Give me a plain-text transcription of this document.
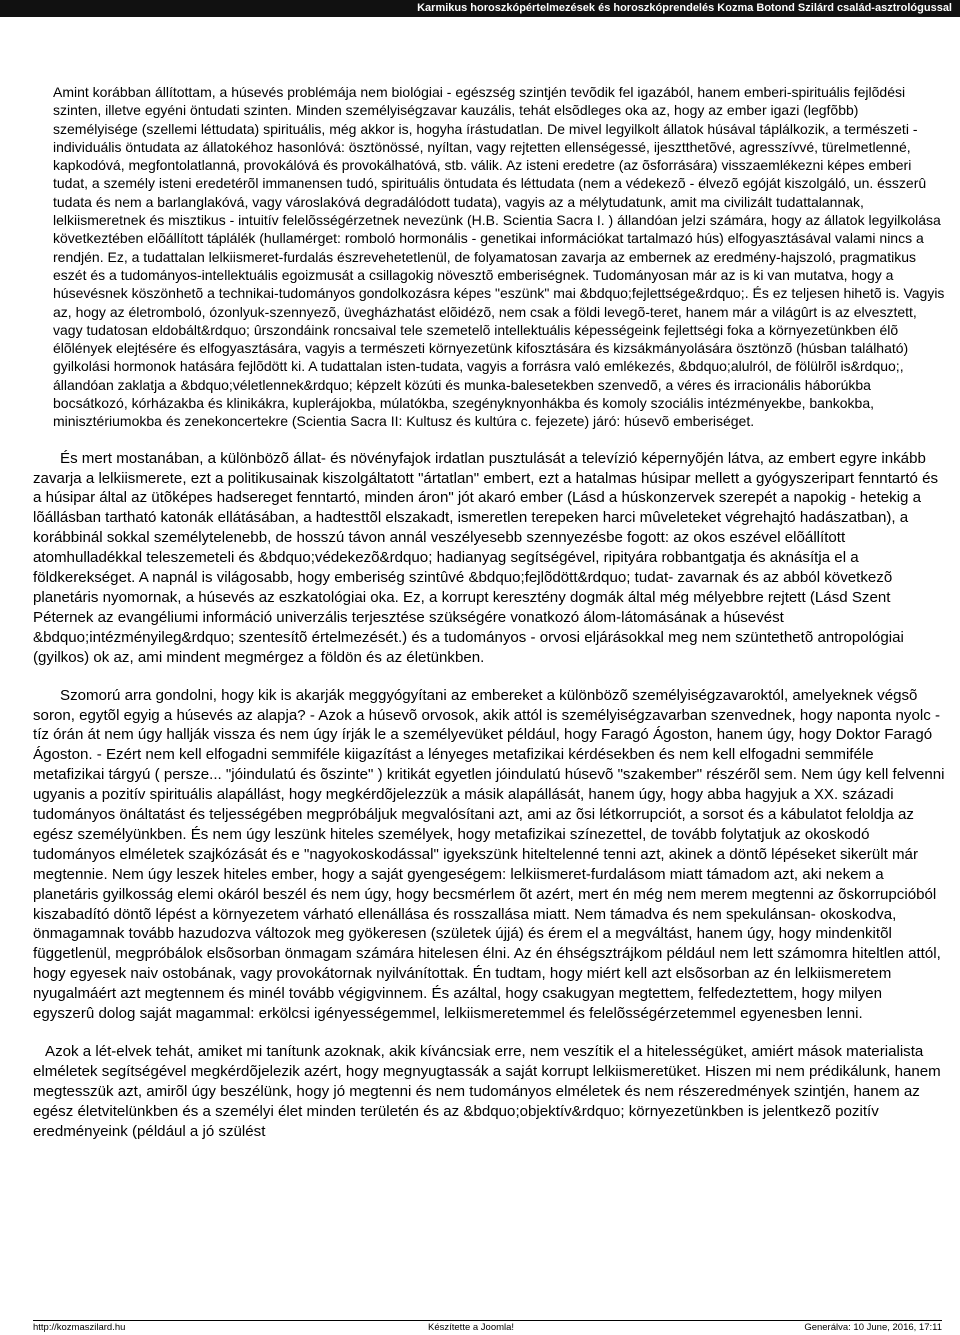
Karmikus horoszkópértelmezések és horoszkóprendelés Kozma Botond Szilárd család-asztrológussal

Amint korábban állítottam, a húsevés problémája nem biológiai - egészség szintjén tevõdik fel igazából, hanem emberi-spirituális fejlõdési szinten, illetve egyéni öntudati szinten. Minden személyiségzavar kauzális, tehát elsõdleges oka az, hogy az ember igazi (legfõbb) személyisége (szellemi léttudata) spirituális, még akkor is, hogyha írástudatlan. De mivel legyilkolt állatok húsával táplálkozik, a természeti - individuális öntudata az állatokéhoz hasonlóvá: ösztönössé, nyíltan, vagy rejtetten ellenségessé, ijesztthetõvé, agresszívvé, türelmetlenné, kapkodóvá, megfontolatlanná, provokálóvá és provokálhatóvá, stb. válik. Az isteni eredetre (az õsforrására) visszaemlékezni képes emberi tudat, a személy isteni eredetérõl immanensen tudó, spirituális öntudata és léttudata (nem a védekezõ - élvezõ egóját kiszolgáló, un. ésszerû tudata és nem a barlanglakóvá, vagy városlakóvá degradálódott tudata), vagyis az a mélytudatunk, amit ma civilizált tudattalannak, lelkiismeretnek és misztikus - intuitív felelõsségérzetnek nevezünk (H.B. Scientia Sacra I. ) állandóan jelzi számára, hogy az állatok legyilkolása következtében elõállított táplálék (hullamérget: romboló hormonális - genetikai információkat tartalmazó hús) elfogyasztásával valami nincs a rendjén. Ez, a tudattalan lelkiismeret-furdalás észrevehetetlenül, de folyamatosan zavarja az embernek az eredmény-hajszoló, pragmatikus eszét és a tudományos-intellektuális egoizmusát a csillagokig növesztõ emberiségnek. Tudományosan már az is ki van mutatva, hogy a húsevésnek köszönhetõ a technikai-tudományos gondolkozásra képes "eszünk" mai &bdquo;fejlettsége&rdquo;. És ez teljesen hihetõ is. Vagyis az, hogy az életromboló, ózonlyuk-szennyezõ, üvegházhatást elõidézõ, nem csak a földi levegõ-teret, hanem már a világûrt is az elvesztett, vagy tudatosan eldobált&rdquo; ûrszondáink roncsaival tele szemetelõ intellektuális képességeink fejlettségi foka a környezetünkben élõ élõlények elejtésére és elfogyasztására, vagyis a természeti környezetünk kifosztására és kizsákmányolására ösztönzõ (húsban található) gyilkolási hormonok hatására fejlõdött ki. A tudattalan isten-tudata, vagyis a forrásra való emlékezés, &bdquo;alulról, de fölülrõl is&rdquo;, állandóan zaklatja a &bdquo;véletlennek&rdquo; képzelt közúti és munka-balesetekben szenvedõ, a véres és irracionális háborúkba bocsátkozó, kórházakba és klinikákra, kuplerájokba, múlatókba, szegényknyonhákba és komoly szociális intézményekbe, bankokba, minisztériumokba és zenekoncertekre (Scientia Sacra II: Kultusz és kultúra c. fejezete) járó: húsevõ emberiséget.

És mert mostanában, a különbözõ állat- és növényfajok irdatlan pusztulását a televízió képernyõjén látva, az embert egyre inkább zavarja a lelkiismerete, ezt a politikusainak kiszolgáltatott "ártatlan" embert, ezt a hatalmas húsipar mellett a gyógyszeripart fenntartó és a húsipar által az ütõképes hadsereget fenntartó, minden áron" jót akaró ember (Lásd a húskonzervek szerepét a napokig - hetekig a lõállásban tartható katonák ellátásában, a hadtesttõl elszakadt, ismeretlen terepeken harci mûveleteket végrehajtó hadászatban), a korábbinál sokkal személytelenebb, de hosszú távon annál veszélyesebb szennyezésbe fogott: az okos eszével elõállított atomhulladékkal teleszemeteli és &bdquo;védekezõ&rdquo; hadianyag segítségével, ripityára robbantgatja és aknásítja el a földkerekséget. A napnál is világosabb, hogy emberiség szintûvé &bdquo;fejlõdött&rdquo; tudat- zavarnak és az abból következõ planetáris nyomornak, a húsevés az eszkatológiai oka. Ez, a korrupt keresztény dogmák által még mélyebbre rejtett (Lásd Szent Péternek az evangéliumi információ univerzális terjesztése szükségére vonatkozó álom-látomásának a húsevést &bdquo;intézményileg&rdquo; szentesítõ értelmezését.) és a tudományos - orvosi eljárásokkal meg nem szüntethetõ antropológiai (gyilkos) ok az, ami mindent megmérgez a földön és az életünkben.

Szomorú arra gondolni, hogy kik is akarják meggyógyítani az embereket a különbözõ személyiségzavaroktól, amelyeknek végsõ soron, egytõl egyig a húsevés az alapja? - Azok a húsevõ orvosok, akik attól is személyiségzavarban szenvednek, hogy naponta nyolc - tíz órán át nem úgy hallják vissza és nem úgy írják le a személyevüket például, hogy Faragó Ágoston, hanem úgy, hogy Doktor Faragó Ágoston. - Ezért nem kell elfogadni semmiféle kiigazítást a lényeges metafizikai kérdésekben és nem kell elfogadni semmiféle metafizikai tárgyú ( persze... "jóindulatú és õszinte" ) kritikát egyetlen jóindulatú húsevõ "szakember" részérõl sem. Nem úgy kell felvenni ugyanis a pozitív spirituális alapállást, hogy megkérdõjelezzük a másik alapállását, hanem úgy, hogy abba hagyjuk a XX. századi tudományos önáltatást és teljességében megpróbáljuk megvalósítani azt, ami az õsi létkorrupciót, a sorsot és a kábulatot feloldja az egész személyünkben. És nem úgy leszünk hiteles személyek, hogy metafizikai színezettel, de tovább folytatjuk az okoskodó tudományos elméletek szajkózását és e "nagyokoskodással" igyekszünk hiteltelenné tenni azt, akinek a döntõ lépéseket sikerült már megtennie. Nem úgy leszek hiteles ember, hogy a saját gyengeségem: lelkiismeret-furdalásom miatt támadom azt, aki nekem a planetáris gyilkosság elemi okáról beszél és nem úgy, hogy becsmérlem õt azért, mert én még nem merem megtenni az õskorrupcióból kiszabadító döntõ lépést a környezetem várható ellenállása és rosszallása miatt. Nem támadva és nem spekulánsan- okoskodva, önmagamnak tovább hazudozva változok meg gyökeresen (születek újjá) és érem el a megváltást, hanem úgy, hogy mindenkitõl függetlenül, megpróbálok elsõsorban önmagam számára hitelesen élni. Az én éhségsztrájkom például nem lett számomra hiteltlen attól, hogy egyesek naiv ostobának, vagy provokátornak nyilvánítottak. Én tudtam, hogy miért kell azt elsõsorban az én lelkiismeretem nyugalmáért azt megtennem és minél tovább végigvinnem. És azáltal, hogy csakugyan megtettem, felfedeztettem, hogy milyen egyszerû dolog saját magammal: erkölcsi igényességemmel, lelkiismeretemmel és felelõsségérzetemmel egyenesben lenni.

Azok a lét-elvek tehát, amiket mi tanítunk azoknak, akik kíváncsiak erre, nem veszítik el a hitelességüket, amiért mások materialista elméletek segítségével megkérdõjelezik azért, hogy megnyugtassák a saját korrupt lelkiismeretüket. Hiszen mi nem prédikálunk, hanem megtesszük azt, amirõl úgy beszélünk, hogy jó megtenni és nem tudományos elméletek és nem részeredmények szintjén, hanem az egész életvitelünkben és a személyi élet minden területén és az &bdquo;objektív&rdquo; környezetünkben is jelentkezõ pozitív eredményeink (például a jó szülést

http://kozmaszilard.hu	Készítette a Joomla!	Generálva: 10 June, 2016, 17:11
